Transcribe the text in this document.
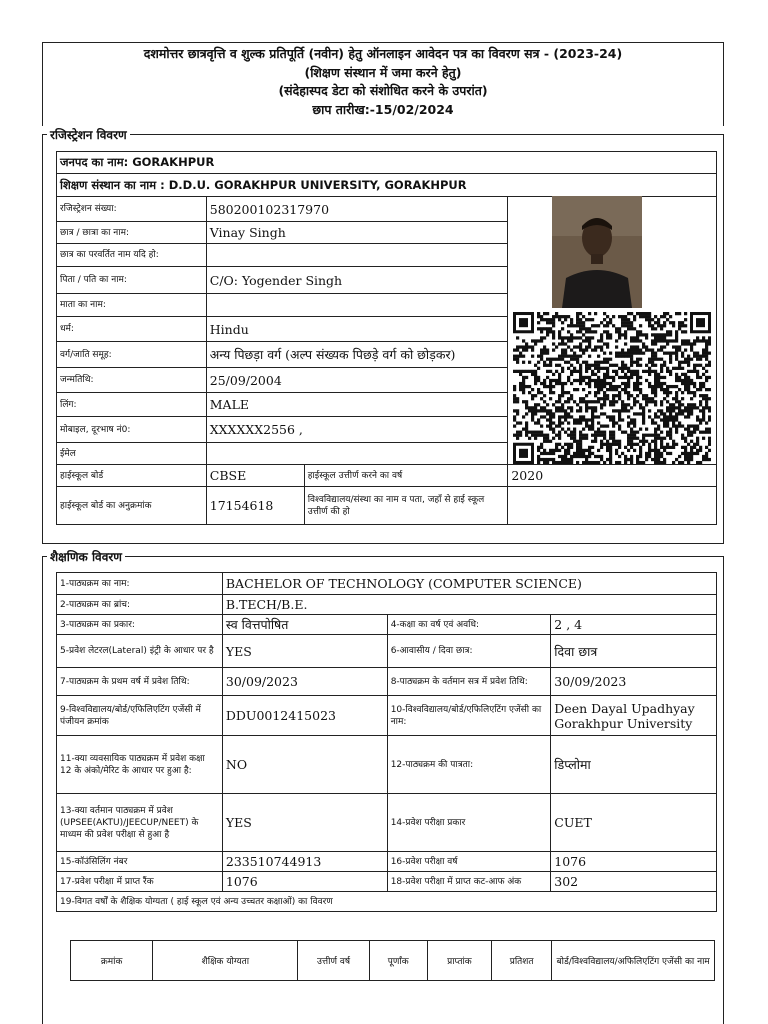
दशमोत्तर छात्रवृत्ति व शुल्क प्रतिपूर्ति (नवीन) हेतु ऑनलाइन आवेदन पत्र का विवरण सत्र - (2023-24)
(शिक्षण संस्थान में जमा करने हेतु)
(संदेहास्पद डेटा को संशोधित करने के उपरांत)
छाप तारीख:-15/02/2024
रजिस्ट्रेशन विवरण
जनपद का नाम: GORAKHPUR			
शिक्षण संस्थान का नाम : D.D.U. GORAKHPUR UNIVERSITY, GORAKHPUR			
रजिस्ट्रेशन संख्या:	580200102317970		
छात्र / छात्रा का नाम:	Vinay Singh		
छात्र का परवर्तित नाम यदि हो:			
पिता / पति का नाम:	C/O: Yogender Singh		
माता का नाम:			
धर्म:	Hindu		
वर्ग/जाति समूह:	अन्य पिछड़ा वर्ग (अल्प संख्यक पिछड़े वर्ग को छोड़कर)		
जन्मतिथि:	25/09/2004		
लिंग:	MALE		
मोबाइल, दूरभाष नं0:	XXXXXX2556 ,		
ईमेल			
हाईस्कूल बोर्ड	CBSE	हाईस्कूल उत्तीर्ण करने का वर्ष	2020
हाईस्कूल बोर्ड का अनुक्रमांक	17154618	विश्वविद्यालय/संस्था का नाम व पता, जहाँ से हाई स्कूल उत्तीर्ण की हो	
शैक्षणिक विवरण
1-पाठ्यक्रम का नाम:	BACHELOR OF TECHNOLOGY (COMPUTER SCIENCE)		
2-पाठ्यक्रम का ब्रांच:	B.TECH/B.E.		
3-पाठ्यक्रम का प्रकार:	स्व वित्तपोषित	4-कक्षा का वर्ष एवं अवधि:	2 , 4
5-प्रवेश लेटरल(Lateral) इंट्री के आधार पर है	YES	6-आवासीय / दिवा छात्र:	दिवा छात्र
7-पाठ्यक्रम के प्रथम वर्ष में प्रवेश तिथि:	30/09/2023	8-पाठ्यक्रम के वर्तमान सत्र में प्रवेश तिथि:	30/09/2023
9-विश्वविद्यालय/बोर्ड/एफिलिएटिंग एजेंसी में पंजीयन क्रमांक	DDU0012415023	10-विश्वविद्यालय/बोर्ड/एफिलिएटिंग एजेंसी का नाम:	Deen Dayal Upadhyay Gorakhpur University
11-क्या व्यवसायिक पाठ्यक्रम में प्रवेश कक्षा 12 के अंको/मेरिट के आधार पर हुआ है:	NO	12-पाठ्यक्रम की पात्रता:	डिप्लोमा
13-क्या वर्तमान पाठ्यक्रम में प्रवेश (UPSEE(AKTU)/JEECUP/NEET) के माध्यम की प्रवेश परीक्षा से हुआ है	YES	14-प्रवेश परीक्षा प्रकार	CUET
15-कॉउंसिलिंग नंबर	233510744913	16-प्रवेश परीक्षा वर्ष	1076
17-प्रवेश परीक्षा में प्राप्त रैंक	1076	18-प्रवेश परीक्षा में प्राप्त कट-आफ अंक	302
19-विगत वर्षों के शैक्षिक योग्यता ( हाई स्कूल एवं अन्य उच्चतर कक्षाओं) का विवरण			
क्रमांक	शैक्षिक योग्यता	उत्तीर्ण वर्ष	पूर्णांक	प्राप्तांक	प्रतिशत	बोर्ड/विश्वविद्यालय/अफिलिएटिंग एजेंसी का नाम
